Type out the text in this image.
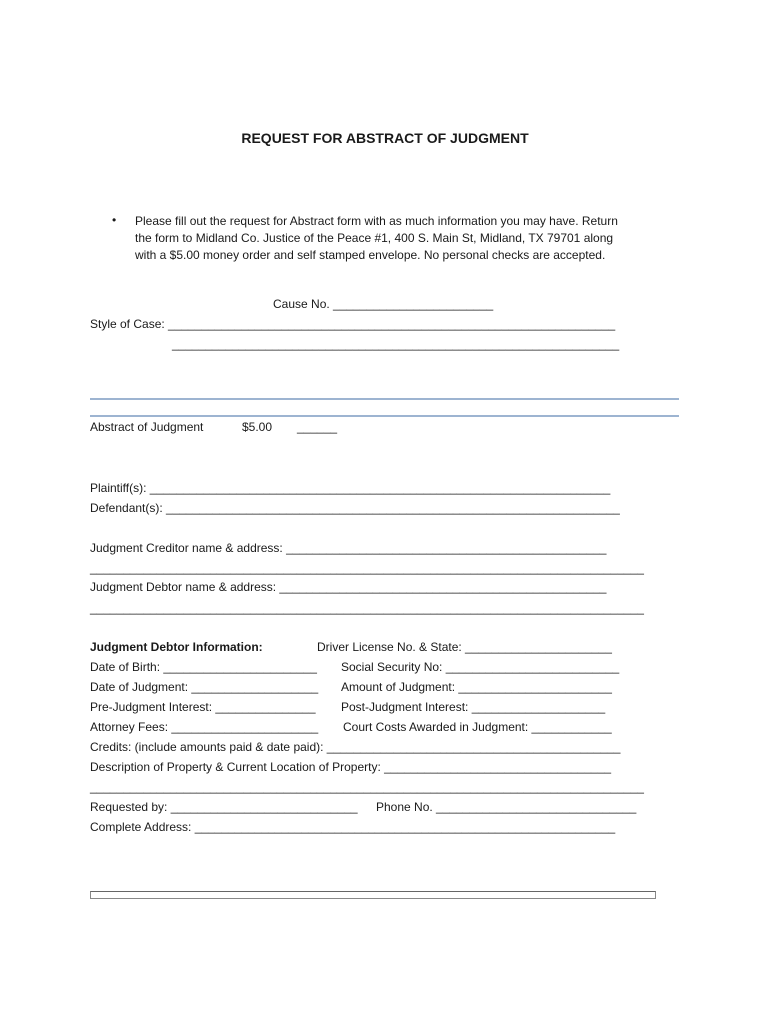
REQUEST FOR ABSTRACT OF JUDGMENT
• Please fill out the request for Abstract form with as much information you may have. Return the form to Midland Co. Justice of the Peace #1, 400 S. Main St, Midland, TX 79701 along with a $5.00 money order and self stamped envelope. No personal checks are accepted.
Cause No. ________________________
Style of Case: ___________________________________________________________________
___________________________________________________________________
Abstract of Judgment	$5.00 ______
Plaintiff(s): _____________________________________________________________________
Defendant(s): ____________________________________________________________________
Judgment Creditor name & address: ________________________________________________
___________________________________________________________________________________
Judgment Debtor name & address: _________________________________________________
___________________________________________________________________________________
Judgment Debtor Information:	Driver License No. & State: ______________________
Date of Birth: _______________________ Social Security No: __________________________
Date of Judgment: ___________________ Amount of Judgment: _______________________
Pre-Judgment Interest: _______________ Post-Judgment Interest: ____________________
Attorney Fees: ______________________ Court Costs Awarded in Judgment: ____________
Credits: (include amounts paid & date paid): ____________________________________________
Description of Property & Current Location of Property: __________________________________
___________________________________________________________________________________
Requested by: ____________________________ Phone No. ______________________________
Complete Address: _______________________________________________________________
